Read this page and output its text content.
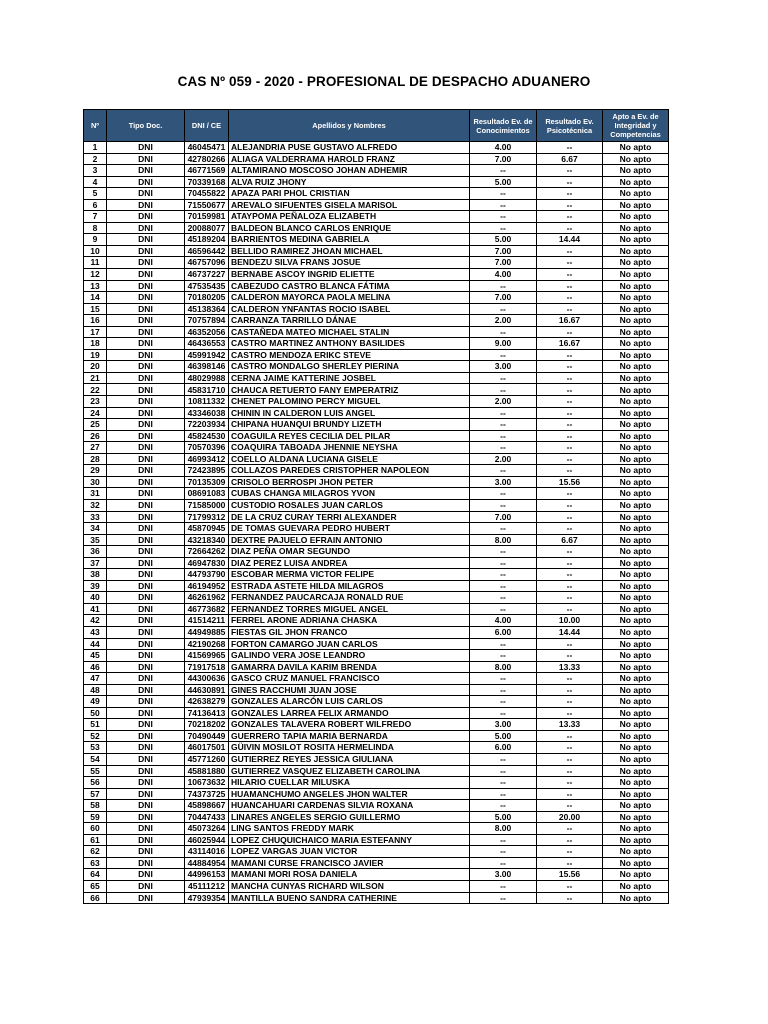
CAS Nº 059 - 2020 - PROFESIONAL DE DESPACHO ADUANERO
Nº	Tipo Doc.	DNI / CE	Apellidos y Nombres	Resultado Ev. de Conocimientos	Resultado Ev. Psicotécnica	Apto a Ev. de Integridad y Competencias
1	DNI	46045471	ALEJANDRIA PUSE GUSTAVO ALFREDO	4.00	--	No apto
2	DNI	42780266	ALIAGA VALDERRAMA HAROLD FRANZ	7.00	6.67	No apto
3	DNI	46771569	ALTAMIRANO MOSCOSO JOHAN ADHEMIR	--	--	No apto
4	DNI	70339168	ALVA RUIZ JHONY	5.00	--	No apto
5	DNI	70455822	APAZA PARI PHOL CRISTIAN	--	--	No apto
6	DNI	71550677	AREVALO SIFUENTES GISELA MARISOL	--	--	No apto
7	DNI	70159981	ATAYPOMA PEÑALOZA ELIZABETH	--	--	No apto
8	DNI	20088077	BALDEON BLANCO CARLOS ENRIQUE	--	--	No apto
9	DNI	45189204	BARRIENTOS MEDINA GABRIELA	5.00	14.44	No apto
10	DNI	46596442	BELLIDO RAMIREZ JHOAN MICHAEL	7.00	--	No apto
11	DNI	46757096	BENDEZU SILVA FRANS JOSUE	7.00	--	No apto
12	DNI	46737227	BERNABE ASCOY INGRID ELIETTE	4.00	--	No apto
13	DNI	47535435	CABEZUDO CASTRO BLANCA FÁTIMA	--	--	No apto
14	DNI	70180205	CALDERON MAYORCA PAOLA MELINA	7.00	--	No apto
15	DNI	45138364	CALDERON YNFANTAS ROCIO ISABEL	--	--	No apto
16	DNI	70757894	CARRANZA TARRILLO DÁNAE	2.00	16.67	No apto
17	DNI	46352056	CASTAÑEDA MATEO MICHAEL STALIN	--	--	No apto
18	DNI	46436553	CASTRO MARTINEZ ANTHONY BASILIDES	9.00	16.67	No apto
19	DNI	45991942	CASTRO MENDOZA ERIKC STEVE	--	--	No apto
20	DNI	46398146	CASTRO MONDALGO SHERLEY PIERINA	3.00	--	No apto
21	DNI	48029988	CERNA JAIME KATTERINE JOSBEL	--	--	No apto
22	DNI	45831710	CHAUCA RETUERTO FANY EMPERATRIZ	--	--	No apto
23	DNI	10811332	CHENET PALOMINO PERCY MIGUEL	2.00	--	No apto
24	DNI	43346038	CHININ IN CALDERON LUIS ANGEL	--	--	No apto
25	DNI	72203934	CHIPANA HUANQUI BRUNDY LIZETH	--	--	No apto
26	DNI	45824530	COAGUILA REYES CECILIA DEL PILAR	--	--	No apto
27	DNI	70570396	COAQUIRA TABOADA JHENNIE NEYSHA	--	--	No apto
28	DNI	46993412	COELLO ALDANA LUCIANA GISELE	2.00	--	No apto
29	DNI	72423895	COLLAZOS PAREDES CRISTOPHER NAPOLEON	--	--	No apto
30	DNI	70135309	CRISOLO BERROSPI JHON PETER	3.00	15.56	No apto
31	DNI	08691083	CUBAS CHANGA MILAGROS YVON	--	--	No apto
32	DNI	71585000	CUSTODIO ROSALES JUAN CARLOS	--	--	No apto
33	DNI	71799312	DE LA CRUZ CURAY TERRI ALEXANDER	7.00	--	No apto
34	DNI	45870945	DE TOMAS GUEVARA PEDRO HUBERT	--	--	No apto
35	DNI	43218340	DEXTRE PAJUELO EFRAIN ANTONIO	8.00	6.67	No apto
36	DNI	72664262	DIAZ PEÑA OMAR SEGUNDO	--	--	No apto
37	DNI	46947830	DIAZ PEREZ LUISA ANDREA	--	--	No apto
38	DNI	44793790	ESCOBAR MERMA VICTOR FELIPE	--	--	No apto
39	DNI	46194952	ESTRADA ASTETE HILDA MILAGROS	--	--	No apto
40	DNI	46261962	FERNANDEZ PAUCARCAJA RONALD RUE	--	--	No apto
41	DNI	46773682	FERNANDEZ TORRES MIGUEL ANGEL	--	--	No apto
42	DNI	41514211	FERREL ARONE ADRIANA CHASKA	4.00	10.00	No apto
43	DNI	44949885	FIESTAS GIL JHON FRANCO	6.00	14.44	No apto
44	DNI	42190268	FORTON CAMARGO JUAN CARLOS	--	--	No apto
45	DNI	41569965	GALINDO VERA JOSE LEANDRO	--	--	No apto
46	DNI	71917518	GAMARRA DAVILA KARIM BRENDA	8.00	13.33	No apto
47	DNI	44300636	GASCO CRUZ MANUEL FRANCISCO	--	--	No apto
48	DNI	44630891	GINES RACCHUMI JUAN JOSE	--	--	No apto
49	DNI	42638279	GONZALES ALARCÓN LUIS CARLOS	--	--	No apto
50	DNI	74136413	GONZALES LARREA FELIX ARMANDO	--	--	No apto
51	DNI	70218202	GONZALES TALAVERA ROBERT WILFREDO	3.00	13.33	No apto
52	DNI	70490449	GUERRERO TAPIA MARIA BERNARDA	5.00	--	No apto
53	DNI	46017501	GÜIVIN MOSILOT ROSITA HERMELINDA	6.00	--	No apto
54	DNI	45771260	GUTIERREZ REYES JESSICA GIULIANA	--	--	No apto
55	DNI	45881880	GUTIERREZ VASQUEZ ELIZABETH CAROLINA	--	--	No apto
56	DNI	10673632	HILARIO CUELLAR MILUSKA	--	--	No apto
57	DNI	74373725	HUAMANCHUMO ANGELES JHON WALTER	--	--	No apto
58	DNI	45898667	HUANCAHUARI CARDENAS SILVIA ROXANA	--	--	No apto
59	DNI	70447433	LINARES ANGELES SERGIO GUILLERMO	5.00	20.00	No apto
60	DNI	45073264	LING SANTOS FREDDY MARK	8.00	--	No apto
61	DNI	46025944	LOPEZ CHUQUICHAICO MARIA ESTEFANNY	--	--	No apto
62	DNI	43114016	LOPEZ VARGAS JUAN VICTOR	--	--	No apto
63	DNI	44884954	MAMANI CURSE FRANCISCO JAVIER	--	--	No apto
64	DNI	44996153	MAMANI MORI ROSA DANIELA	3.00	15.56	No apto
65	DNI	45111212	MANCHA CUNYAS RICHARD WILSON	--	--	No apto
66	DNI	47939354	MANTILLA BUENO SANDRA CATHERINE	--	--	No apto
